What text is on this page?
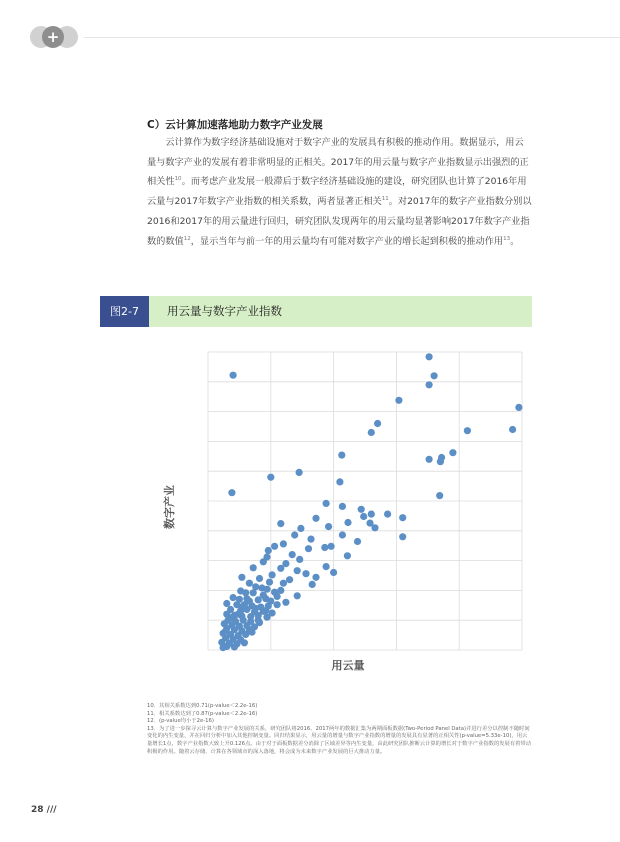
+
C）云计算加速落地助力数字产业发展

　　云计算作为数字经济基础设施对于数字产业的发展具有积极的推动作用。数据显示，用云量与数字产业的发展有着非常明显的正相关。2017年的用云量与数字产业指数显示出强烈的正相关性$^{10}$。而考虑产业发展一般滞后于数字经济基础设施的建设，研究团队也计算了2016年用云量与2017年数字产业指数的相关系数，两者显著正相关$^{11}$。对2017年的数字产业指数分别以2016和2017年的用云量进行回归，研究团队发现两年的用云量均显著影响2017年数字产业指数的数值$^{12}$，显示当年与前一年的用云量均有可能对数字产业的增长起到积极的推动作用$^{13}$。

图2-7	用云量与数字产业指数
用云量
数字产业

10．其相关系数达到0.71(p-value＜2.2e-16)

11．相关系数达到了0.87(p-value＜2.2e-16)

12．(p-value均小于2e-16)

13．为了进一步探寻云计算与数字产业发展的关系，研究团队将2016、2017两年的数据汇集为两期面板数据(Two-Period Panel Data)并进行差分以控制不随时间变化的内生变量，并在回归分析中加入其他控制变量。回归结果显示，用云量的增量与数字产业指数的增量的发展具有显著的正相关性(p-value=5.33e-10)，用云量增长1点，数字产业指数大致上升0.126点。由于对于面板数据差分消除了区域差异等内生变量，由此研究团队推断云计算的增长对于数字产业指数的发展有着带动积极的作用。随着云存储、计算在各领域市的深入落地，将会成为未来数字产业发展的巨大推动力量。

28 ///
